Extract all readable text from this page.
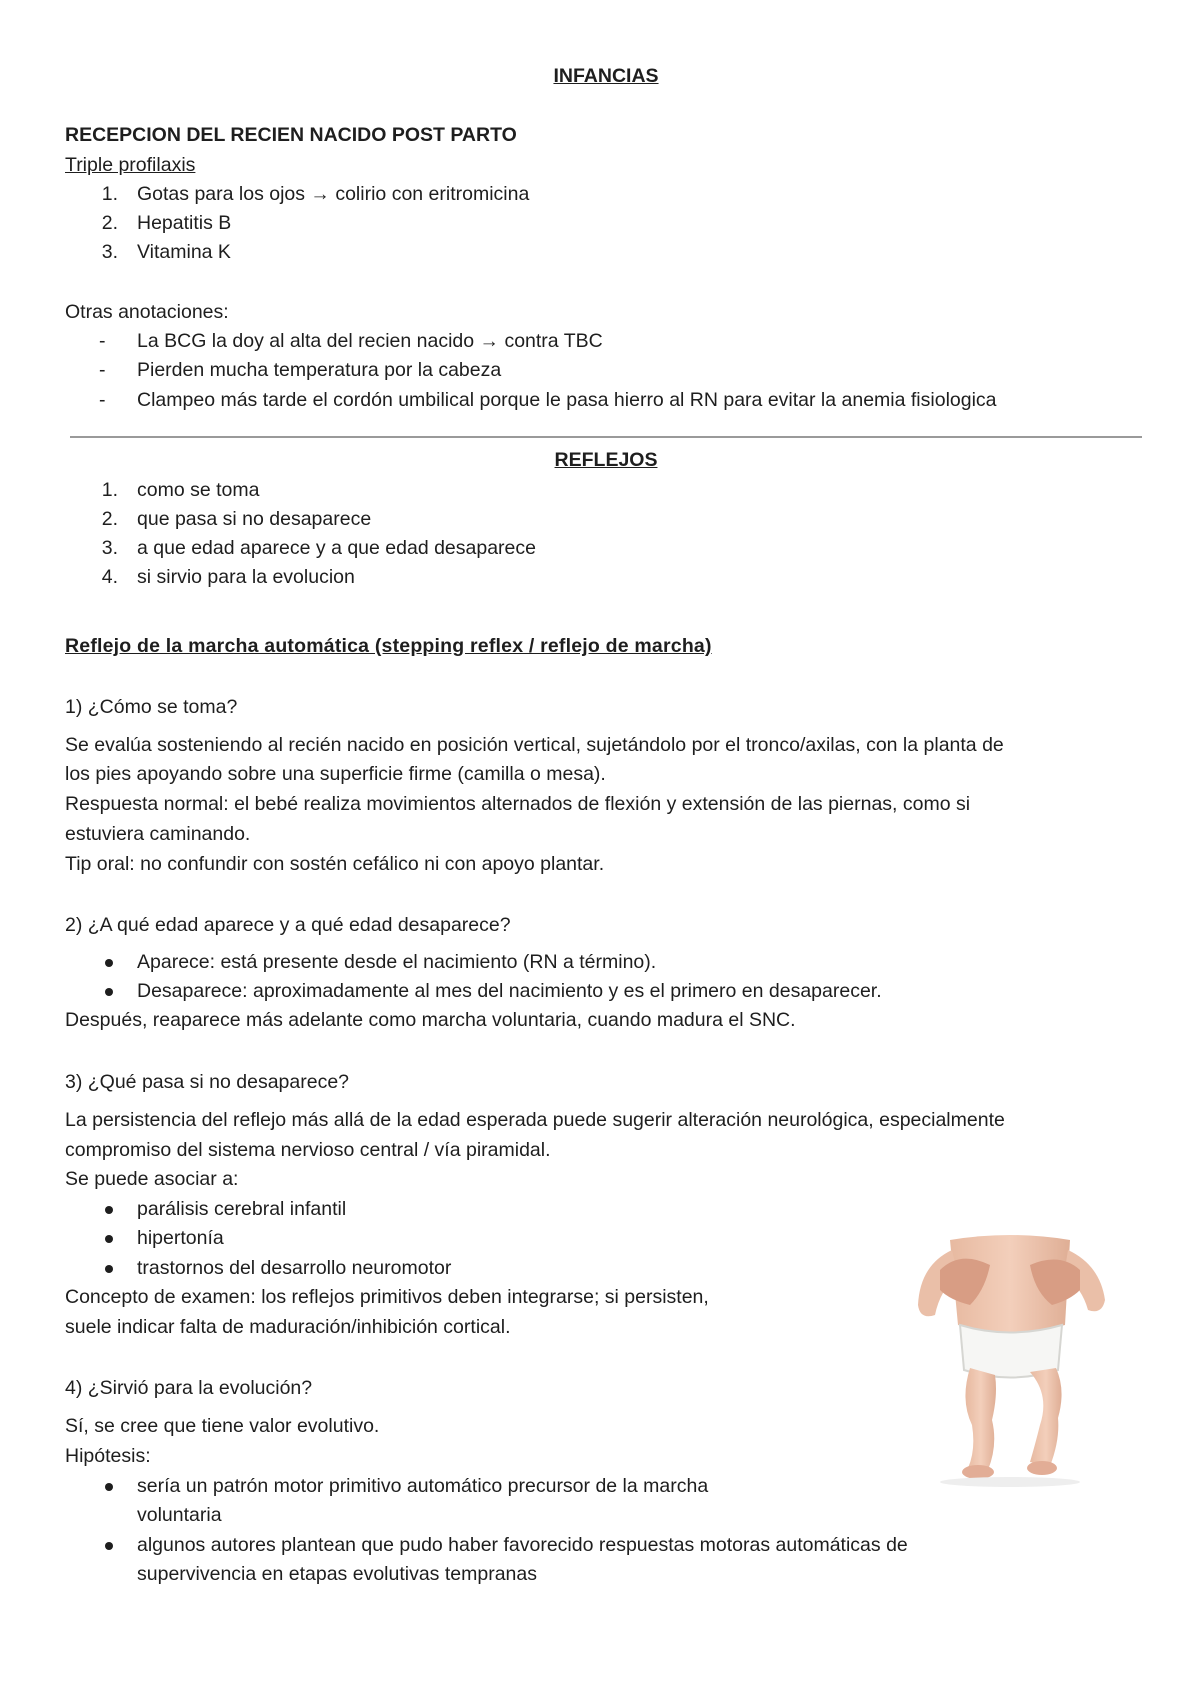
INFANCIAS
RECEPCION DEL RECIEN NACIDO POST PARTO
Triple profilaxis
1. Gotas para los ojos → colirio con eritromicina
2. Hepatitis B
3. Vitamina K
Otras anotaciones:
-	La BCG la doy al alta del recien nacido → contra TBC
-	Pierden mucha temperatura por la cabeza
-	Clampeo más tarde el cordón umbilical porque le pasa hierro al RN para evitar la anemia fisiologica
REFLEJOS
1. como se toma
2. que pasa si no desaparece
3. a que edad aparece y a que edad desaparece
4. si sirvio para la evolucion
Reflejo de la marcha automática (stepping reflex / reflejo de marcha)
1) ¿Cómo se toma?
Se evalúa sosteniendo al recién nacido en posición vertical, sujetándolo por el tronco/axilas, con la planta de
los pies apoyando sobre una superficie firme (camilla o mesa).
Respuesta normal: el bebé realiza movimientos alternados de flexión y extensión de las piernas, como si
estuviera caminando.
Tip oral: no confundir con sostén cefálico ni con apoyo plantar.
2) ¿A qué edad aparece y a qué edad desaparece?
Aparece: está presente desde el nacimiento (RN a término).
Desaparece: aproximadamente al mes del nacimiento y es el primero en desaparecer.
Después, reaparece más adelante como marcha voluntaria, cuando madura el SNC.
3) ¿Qué pasa si no desaparece?
La persistencia del reflejo más allá de la edad esperada puede sugerir alteración neurológica, especialmente
compromiso del sistema nervioso central / vía piramidal.
Se puede asociar a:
parálisis cerebral infantil
hipertonía
trastornos del desarrollo neuromotor
Concepto de examen: los reflejos primitivos deben integrarse; si persisten,
suele indicar falta de maduración/inhibición cortical.
4) ¿Sirvió para la evolución?
Sí, se cree que tiene valor evolutivo.
Hipótesis:
sería un patrón motor primitivo automático precursor de la marcha
voluntaria
algunos autores plantean que pudo haber favorecido respuestas motoras automáticas de
supervivencia en etapas evolutivas tempranas
